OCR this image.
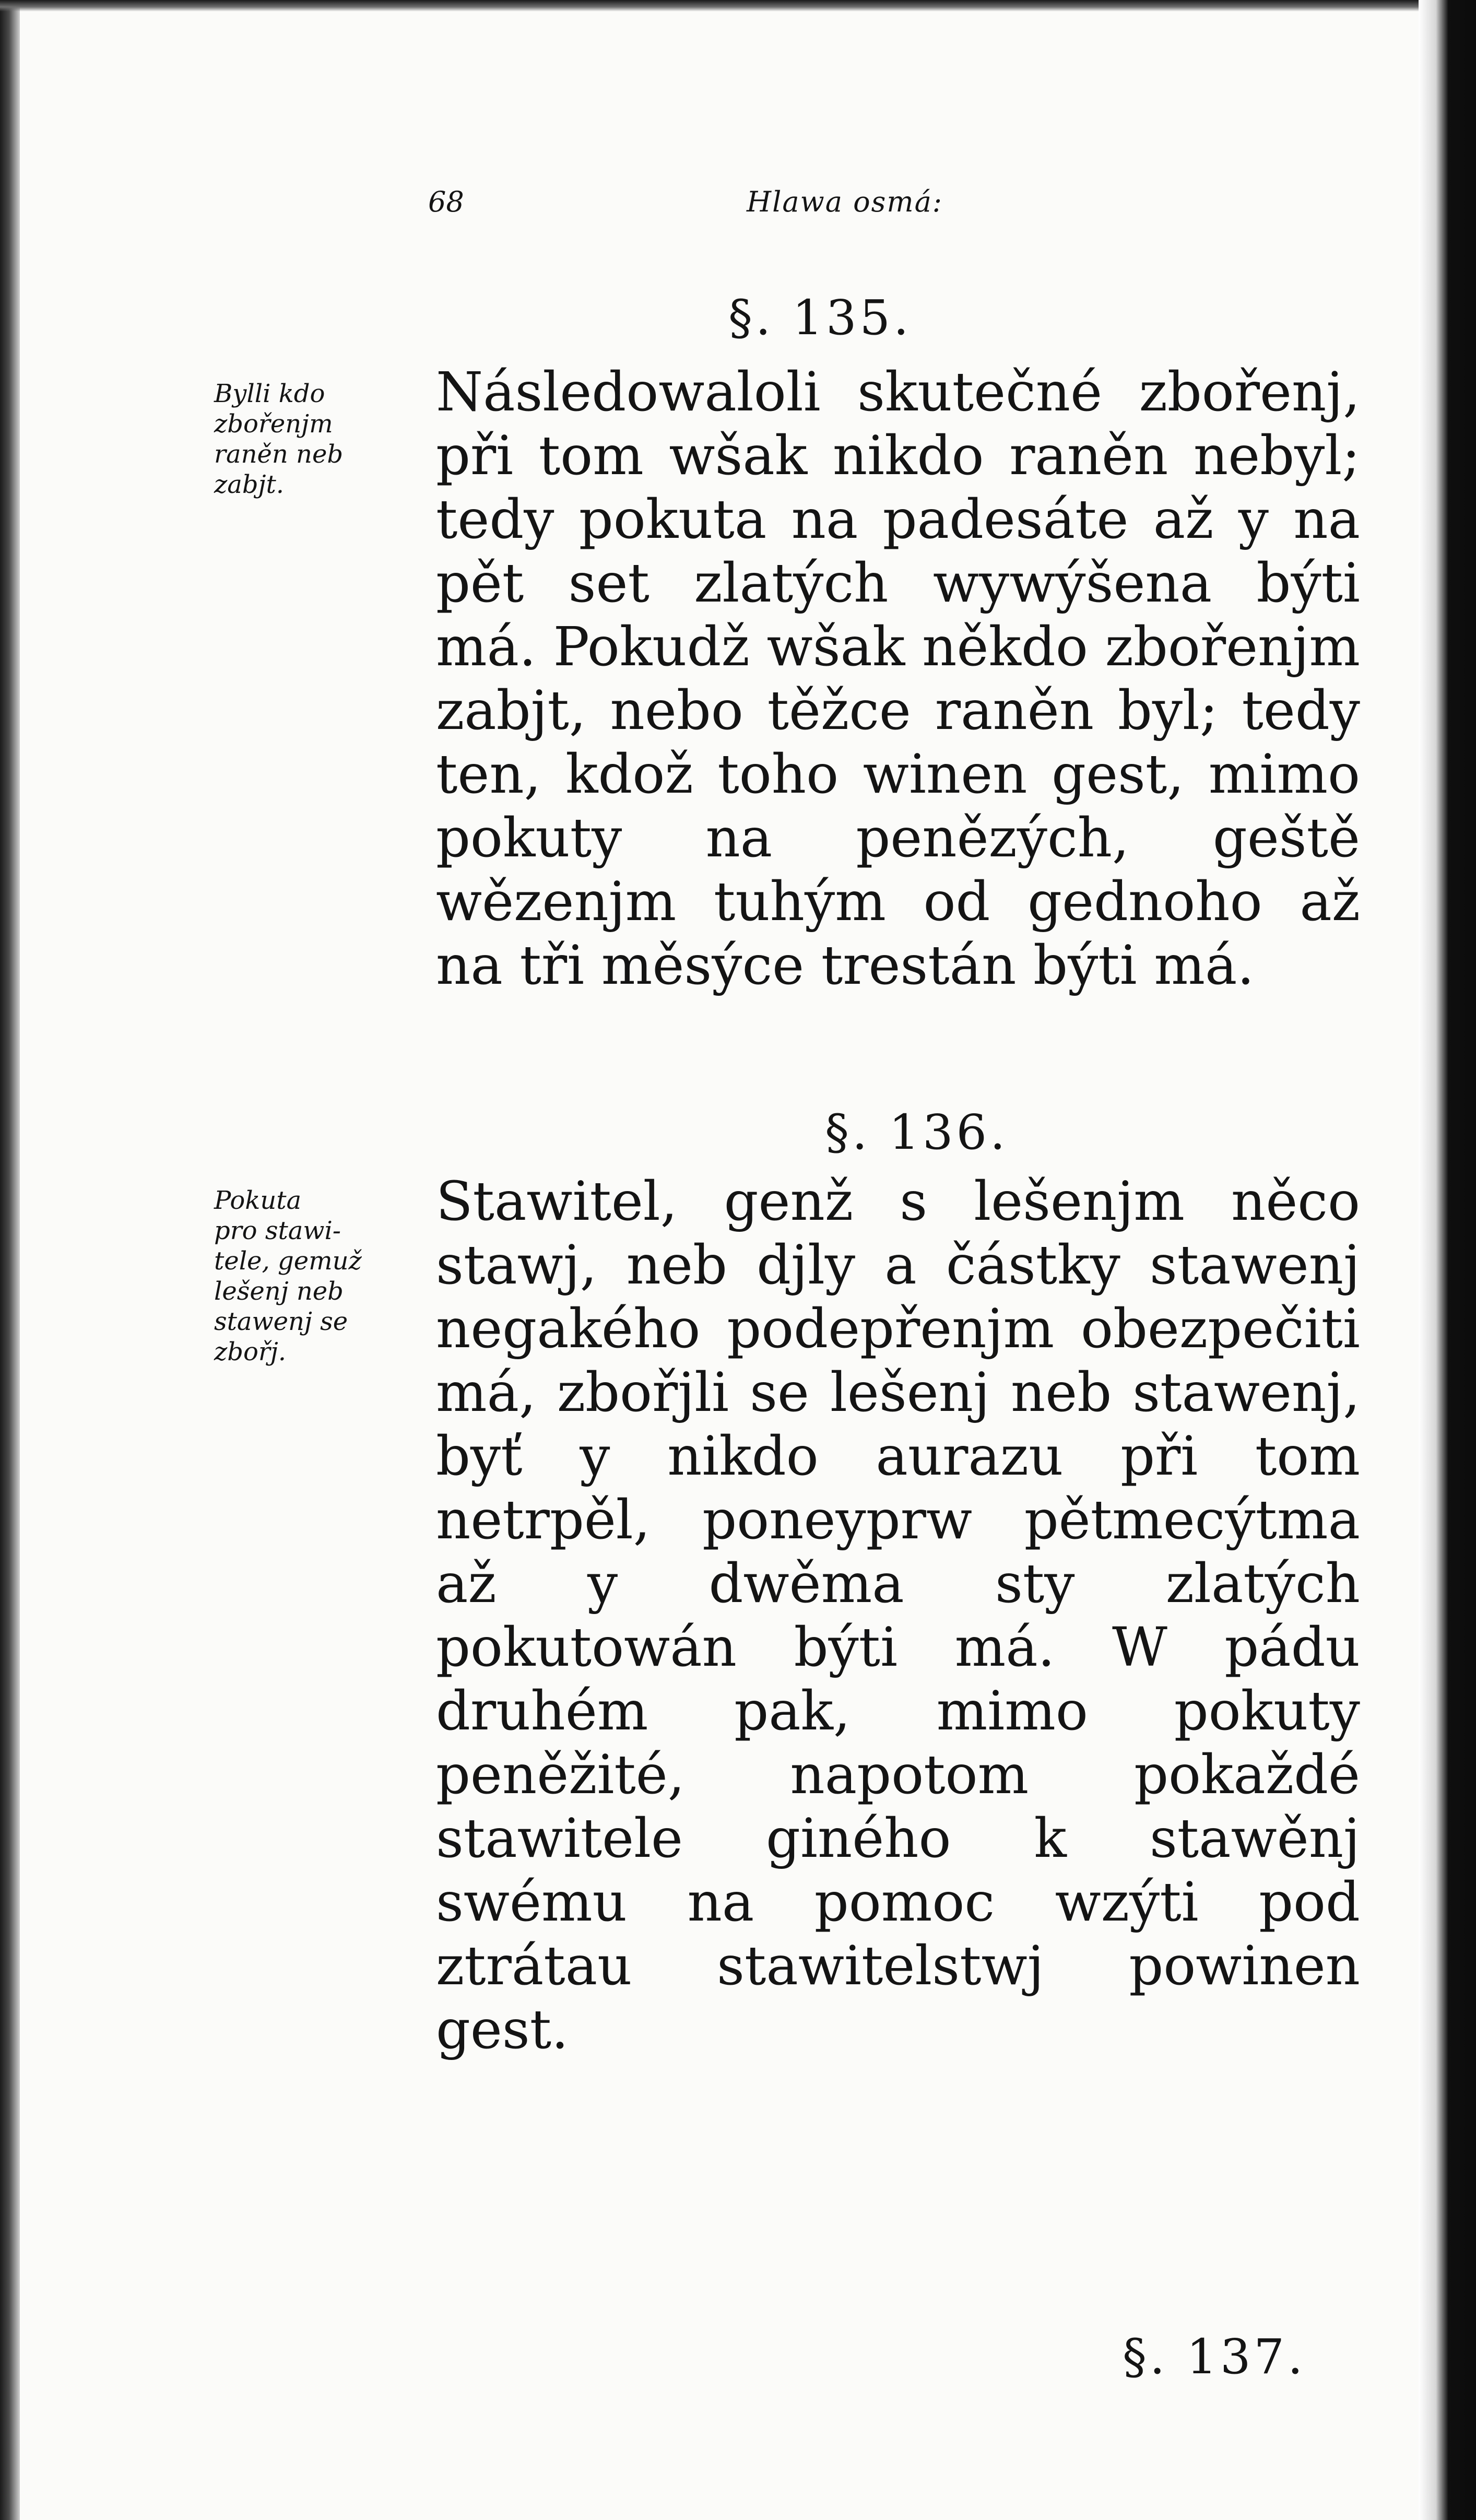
68	Hlawa osmá:
§. 135.
Bylli kdo
zbořenjm
raněn neb
zabjt.
Následowaloli skutečné zbořenj, při tom wšak nikdo raněn nebyl; tedy pokuta na padesáte až y na pět set zlatých wywýšena býti má. Pokudž wšak někdo zbořenjm zabjt, nebo těžce raněn byl; tedy ten, kdož toho winen gest, mimo pokuty na penězých, geště wězenjm tuhým od gednoho až na tři měsýce trestán býti má.
§. 136.
Pokuta
pro stawi-
tele, gemuž
lešenj neb
stawenj se
zbořj.
Stawitel, genž s lešenjm něco stawj, neb djly a částky stawenj negakého podepřenjm obezpečiti má, zbořjli se lešenj neb stawenj, byť y nikdo aurazu při tom netrpěl, poneyprw pětmecýtma až y dwěma sty zlatých pokutowán býti má. W pádu druhém pak, mimo pokuty peněžité, napotom pokaždé stawitele giného k stawěnj swému na pomoc wzýti pod ztrátau stawitelstwj powinen gest.
§. 137.
